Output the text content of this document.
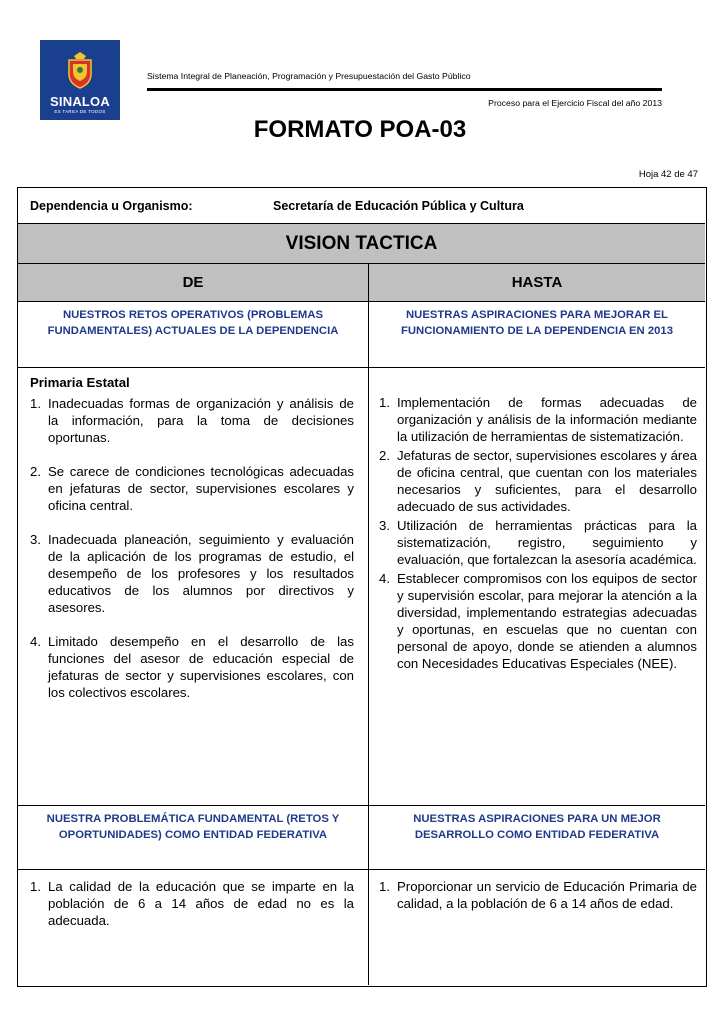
SINALOA
ES TAREA DE TODOS
Sistema Integral de Planeación, Programación y Presupuestación del Gasto Público
Proceso para el Ejercicio Fiscal del año 2013
FORMATO POA-03
Hoja 42 de 47
Dependencia u Organismo:	Secretaría de Educación Pública y Cultura
VISION TACTICA
DE	HASTA
NUESTROS RETOS OPERATIVOS (PROBLEMAS FUNDAMENTALES) ACTUALES DE LA DEPENDENCIA
NUESTRAS ASPIRACIONES PARA MEJORAR EL FUNCIONAMIENTO DE LA DEPENDENCIA EN 2013
Primaria Estatal
1. Inadecuadas formas de organización y análisis de la información, para la toma de decisiones oportunas.
2. Se carece de condiciones tecnológicas adecuadas en jefaturas de sector, supervisiones escolares y oficina central.
3. Inadecuada planeación, seguimiento y evaluación de la aplicación de los programas de estudio, el desempeño de los profesores y los resultados educativos de los alumnos por directivos y asesores.
4. Limitado desempeño en el desarrollo de las funciones del asesor de educación especial de jefaturas de sector y supervisiones escolares, con los colectivos escolares.
1. Implementación de formas adecuadas de organización y análisis de la información mediante la utilización de herramientas de sistematización.
2. Jefaturas de sector, supervisiones escolares y área de oficina central, que cuentan con los materiales necesarios y suficientes, para el desarrollo adecuado de sus actividades.
3. Utilización de herramientas prácticas para la sistematización, registro, seguimiento y evaluación, que fortalezcan la asesoría académica.
4. Establecer compromisos con los equipos de sector y supervisión escolar, para mejorar la atención a la diversidad, implementando estrategias adecuadas y oportunas, en escuelas que no cuentan con personal de apoyo, donde se atienden a alumnos con Necesidades Educativas Especiales (NEE).
NUESTRA PROBLEMÁTICA FUNDAMENTAL (RETOS Y OPORTUNIDADES) COMO ENTIDAD FEDERATIVA
NUESTRAS ASPIRACIONES PARA UN MEJOR DESARROLLO COMO ENTIDAD FEDERATIVA
1. La calidad de la educación que se imparte en la población de 6 a 14 años de edad no es la adecuada.
1. Proporcionar un servicio de Educación Primaria de calidad, a la población de 6 a 14 años de edad.
